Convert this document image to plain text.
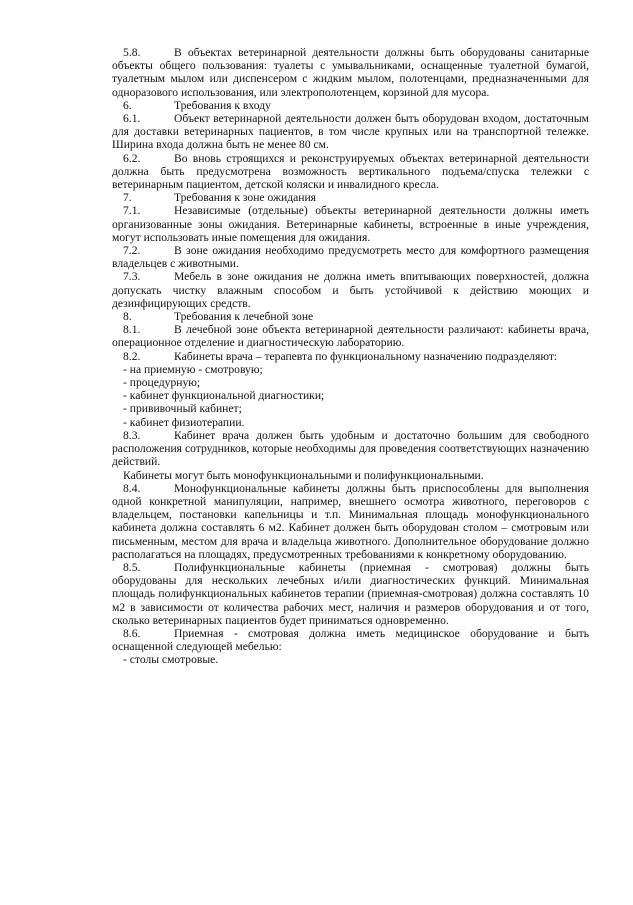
5.8.	В объектах ветеринарной деятельности должны быть оборудованы санитарные объекты общего пользования: туалеты с умывальниками, оснащенные туалетной бумагой, туалетным мылом или диспенсером с жидким мылом, полотенцами, предназначенными для одноразового использования, или электрополотенцем, корзиной для мусора.

6.	Требования к входу

6.1.	Объект ветеринарной деятельности должен быть оборудован входом, достаточным для доставки ветеринарных пациентов, в том числе крупных или на транспортной тележке. Ширина входа должна быть не менее 80 см.

6.2.	Во вновь строящихся и реконструируемых объектах ветеринарной деятельности должна быть предусмотрена возможность вертикального подъема/спуска тележки с ветеринарным пациентом, детской коляски и инвалидного кресла.

7.	Требования к зоне ожидания

7.1.	Независимые (отдельные) объекты ветеринарной деятельности должны иметь организованные зоны ожидания. Ветеринарные кабинеты, встроенные в иные учреждения, могут использовать иные помещения для ожидания.

7.2.	В зоне ожидания необходимо предусмотреть место для комфортного размещения владельцев с животными.

7.3.	Мебель в зоне ожидания не должна иметь впитывающих поверхностей, должна допускать чистку влажным способом и быть устойчивой к действию моющих и дезинфицирующих средств.

8.	Требования к лечебной зоне

8.1.	В лечебной зоне объекта ветеринарной деятельности различают: кабинеты врача, операционное отделение и диагностическую лабораторию.

8.2.	Кабинеты врача – терапевта по функциональному назначению подразделяют:

- на приемную - смотровую;

- процедурную;

- кабинет функциональной диагностики;

- прививочный кабинет;

- кабинет физиотерапии.

8.3.	Кабинет врача должен быть удобным и достаточно большим для свободного расположения сотрудников, которые необходимы для проведения соответствующих назначению действий.

Кабинеты могут быть монофункциональными и полифункциональными.

8.4.	Монофункциональные кабинеты должны быть приспособлены для выполнения одной конкретной манипуляции, например, внешнего осмотра животного, переговоров с владельцем, постановки капельницы и т.п. Минимальная площадь монофункционального кабинета должна составлять 6 м2. Кабинет должен быть оборудован столом – смотровым или письменным, местом для врача и владельца животного. Дополнительное оборудование должно располагаться на площадях, предусмотренных требованиями к конкретному оборудованию.

8.5.	Полифункциональные кабинеты (приемная - смотровая) должны быть оборудованы для нескольких лечебных и/или диагностических функций. Минимальная площадь полифункциональных кабинетов терапии (приемная-смотровая) должна составлять 10 м2 в зависимости от количества рабочих мест, наличия и размеров оборудования и от того, сколько ветеринарных пациентов будет приниматься одновременно.

8.6.	Приемная - смотровая должна иметь медицинское оборудование и быть оснащенной следующей мебелью:

- столы смотровые.
